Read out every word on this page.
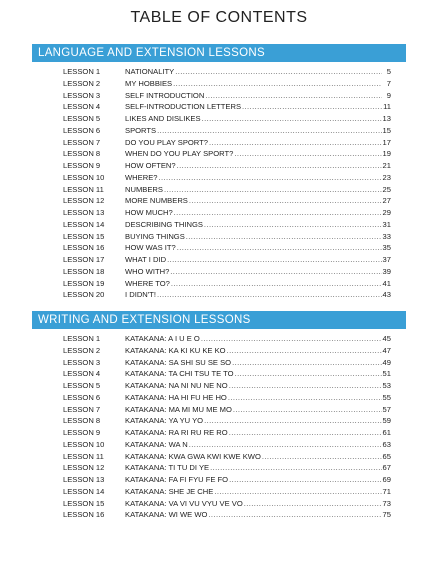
TABLE OF CONTENTS
LANGUAGE AND EXTENSION LESSONS
LESSON 1	NATIONALITY .....	5
LESSON 2	MY HOBBIES .....	7
LESSON 3	SELF INTRODUCTION .....	9
LESSON 4	SELF-INTRODUCTION LETTERS .....	11
LESSON 5	LIKES AND DISLIKES .....	13
LESSON 6	SPORTS .....	15
LESSON 7	DO YOU PLAY SPORT? .....	17
LESSON 8	WHEN DO YOU PLAY SPORT? .....	19
LESSON 9	HOW OFTEN? .....	21
LESSON 10	WHERE? .....	23
LESSON 11	NUMBERS .....	25
LESSON 12	MORE NUMBERS .....	27
LESSON 13	HOW MUCH? .....	29
LESSON 14	DESCRIBING THINGS .....	31
LESSON 15	BUYING THINGS .....	33
LESSON 16	HOW WAS IT? .....	35
LESSON 17	WHAT I DID .....	37
LESSON 18	WHO WITH? .....	39
LESSON 19	WHERE TO? .....	41
LESSON 20	I DIDN'T! .....	43
WRITING AND EXTENSION LESSONS
LESSON 1	KATAKANA: A I U E O .....	45
LESSON 2	KATAKANA: KA KI KU KE KO .....	47
LESSON 3	KATAKANA: SA SHI SU SE SO .....	49
LESSON 4	KATAKANA: TA CHI TSU TE TO .....	51
LESSON 5	KATAKANA: NA NI NU NE NO .....	53
LESSON 6	KATAKANA: HA HI FU HE HO .....	55
LESSON 7	KATAKANA: MA MI MU ME MO .....	57
LESSON 8	KATAKANA: YA YU YO .....	59
LESSON 9	KATAKANA: RA RI RU RE RO .....	61
LESSON 10	KATAKANA: WA N .....	63
LESSON 11	KATAKANA: KWA GWA KWI KWE KWO .....	65
LESSON 12	KATAKANA: TI TU DI YE .....	67
LESSON 13	KATAKANA: FA FI FYU FE FO .....	69
LESSON 14	KATAKANA: SHE JE CHE .....	71
LESSON 15	KATAKANA: VA VI VU VYU VE VO .....	73
LESSON 16	KATAKANA: WI WE WO .....	75
